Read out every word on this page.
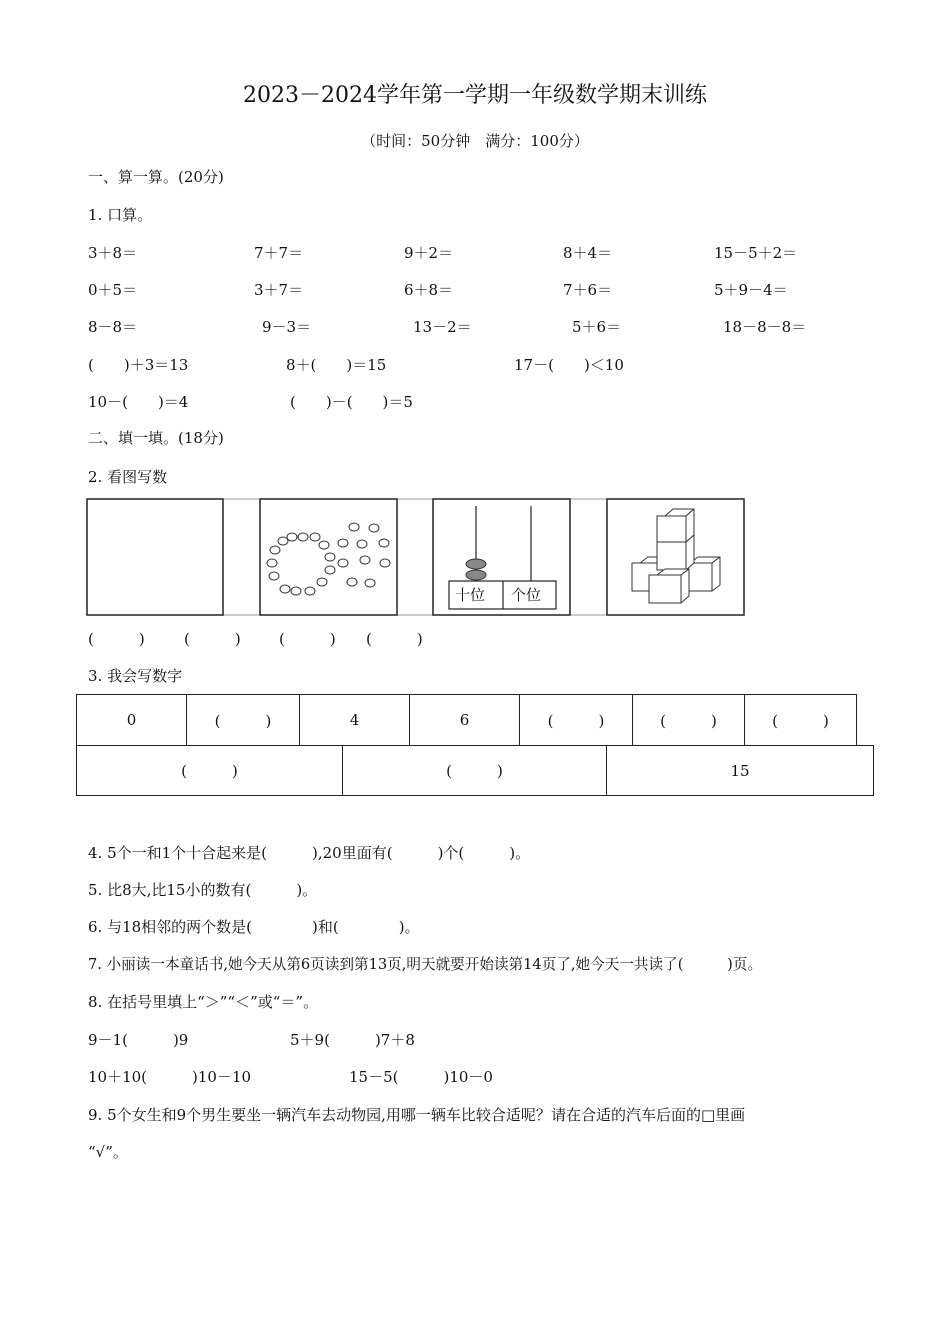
2023－2024学年第一学期一年级数学期末训练
（时间：50分钟　满分：100分）
一、算一算。(20分)
1. 口算。
3＋8＝	7＋7＝	9＋2＝	8＋4＝	15－5＋2＝
0＋5＝	3＋7＝	6＋8＝	7＋6＝	5＋9－4＝
8－8＝	9－3＝	13－2＝	5＋6＝	18－8－8＝
(　　)＋3＝13	8＋(　　)＝15	17－(　　)＜10
10－(　　)＝4	(　　)－(　　)＝5
二、填一填。(18分)
2. 看图写数
十位 个位
(　　　)	(　　　)	(　　　) (　　　)
3. 我会写数字
0	(　　　)	4	6	(　　　)	(　　　)	(　　　)
(　　　)	(　　　)	15
4. 5个一和1个十合起来是(　　　),20里面有(　　　)个(　　　)。
5. 比8大,比15小的数有(　　　)。
6. 与18相邻的两个数是(　　　　)和(　　　　)。
7. 小丽读一本童话书,她今天从第6页读到第13页,明天就要开始读第14页了,她今天一共读了(　　　)页。
8. 在括号里填上“＞”“＜”或“＝”。
9－1(　　　)9	5＋9(　　　)7＋8
10＋10(　　　)10－10	15－5(　　　)10－0
9. 5个女生和9个男生要坐一辆汽车去动物园,用哪一辆车比较合适呢？请在合适的汽车后面的□里画
“√”。
